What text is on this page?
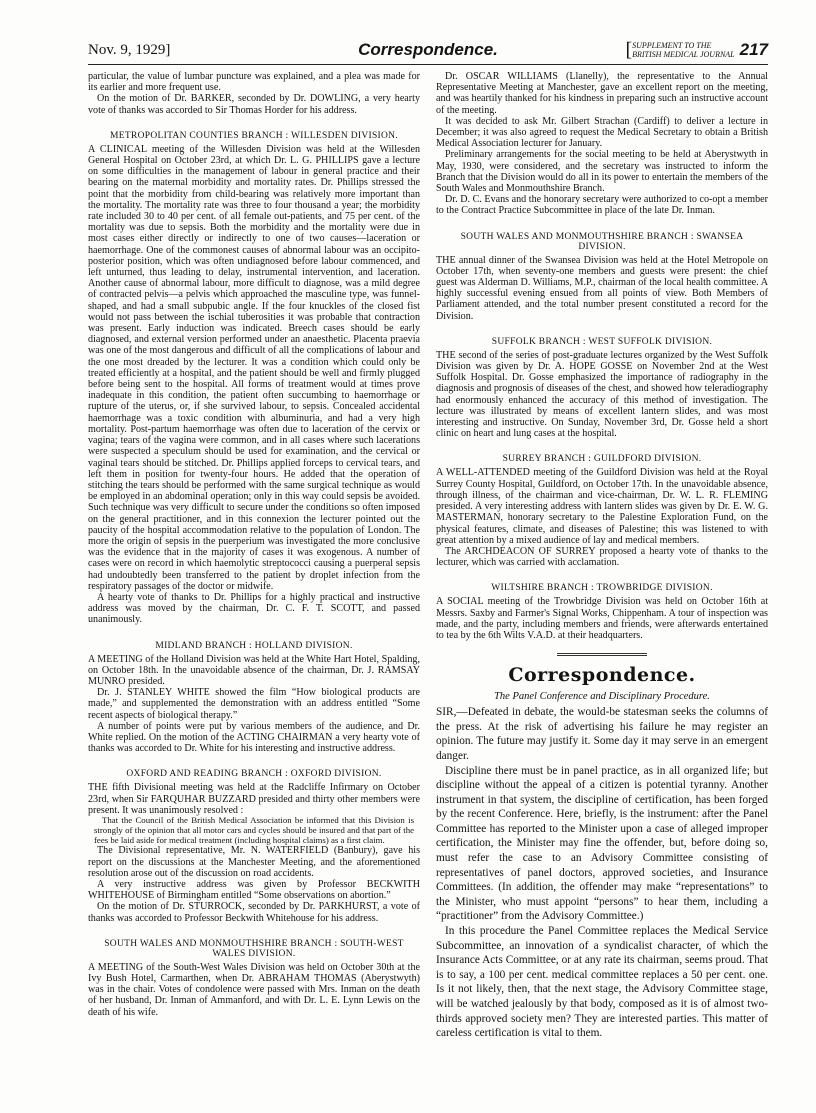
Nov. 9, 1929]	Correspondence.	[ SUPPLEMENT TO THE
BRITISH MEDICAL JOURNAL 217

particular, the value of lumbar puncture was explained, and a plea was made for its earlier and more frequent use.

On the motion of Dr. BARKER, seconded by Dr. DOWLING, a very hearty vote of thanks was accorded to Sir Thomas Horder for his address.

METROPOLITAN COUNTIES BRANCH : WILLESDEN DIVISION.

A CLINICAL meeting of the Willesden Division was held at the Willesden General Hospital on October 23rd, at which Dr. L. G. PHILLIPS gave a lecture on some difficulties in the management of labour in general practice and their bearing on the maternal morbidity and mortality rates. Dr. Phillips stressed the point that the morbidity from child-bearing was relatively more important than the mortality. The mortality rate was three to four thousand a year; the morbidity rate included 30 to 40 per cent. of all female out-patients, and 75 per cent. of the mortality was due to sepsis. Both the morbidity and the mortality were due in most cases either directly or indirectly to one of two causes—laceration or haemorrhage. One of the commonest causes of abnormal labour was an occipito-posterior position, which was often undiagnosed before labour commenced, and left unturned, thus leading to delay, instrumental intervention, and laceration. Another cause of abnormal labour, more difficult to diagnose, was a mild degree of contracted pelvis—a pelvis which approached the masculine type, was funnel-shaped, and had a small subpubic angle. If the four knuckles of the closed fist would not pass between the ischial tuberosities it was probable that contraction was present. Early induction was indicated. Breech cases should be early diagnosed, and external version performed under an anaesthetic. Placenta praevia was one of the most dangerous and difficult of all the complications of labour and the one most dreaded by the lecturer. It was a condition which could only be treated efficiently at a hospital, and the patient should be well and firmly plugged before being sent to the hospital. All forms of treatment would at times prove inadequate in this condition, the patient often succumbing to haemorrhage or rupture of the uterus, or, if she survived labour, to sepsis. Concealed accidental haemorrhage was a toxic condition with albuminuria, and had a very high mortality. Post-partum haemorrhage was often due to laceration of the cervix or vagina; tears of the vagina were common, and in all cases where such lacerations were suspected a speculum should be used for examination, and the cervical or vaginal tears should be stitched. Dr. Phillips applied forceps to cervical tears, and left them in position for twenty-four hours. He added that the operation of stitching the tears should be performed with the same surgical technique as would be employed in an abdominal operation; only in this way could sepsis be avoided. Such technique was very difficult to secure under the conditions so often imposed on the general practitioner, and in this connexion the lecturer pointed out the paucity of the hospital accommodation relative to the population of London. The more the origin of sepsis in the puerperium was investigated the more conclusive was the evidence that in the majority of cases it was exogenous. A number of cases were on record in which haemolytic streptococci causing a puerperal sepsis had undoubtedly been transferred to the patient by droplet infection from the respiratory passages of the doctor or midwife.

A hearty vote of thanks to Dr. Phillips for a highly practical and instructive address was moved by the chairman, Dr. C. F. T. SCOTT, and passed unanimously.

MIDLAND BRANCH : HOLLAND DIVISION.

A MEETING of the Holland Division was held at the White Hart Hotel, Spalding, on October 18th. In the unavoidable absence of the chairman, Dr. J. RAMSAY MUNRO presided.

Dr. J. STANLEY WHITE showed the film “How biological products are made,” and supplemented the demonstration with an address entitled “Some recent aspects of biological therapy.”

A number of points were put by various members of the audience, and Dr. White replied. On the motion of the ACTING CHAIRMAN a very hearty vote of thanks was accorded to Dr. White for his interesting and instructive address.

OXFORD AND READING BRANCH : OXFORD DIVISION.

THE fifth Divisional meeting was held at the Radcliffe Infirmary on October 23rd, when Sir FARQUHAR BUZZARD presided and thirty other members were present. It was unanimously resolved :

That the Council of the British Medical Association be informed that this Division is strongly of the opinion that all motor cars and cycles should be insured and that part of the fees be laid aside for medical treatment (including hospital claims) as a first claim.

The Divisional representative, Mr. N. WATERFIELD (Banbury), gave his report on the discussions at the Manchester Meeting, and the aforementioned resolution arose out of the discussion on road accidents.

A very instructive address was given by Professor BECKWITH WHITEHOUSE of Birmingham entitled “Some observations on abortion.”

On the motion of Dr. STURROCK, seconded by Dr. PARKHURST, a vote of thanks was accorded to Professor Beckwith Whitehouse for his address.

SOUTH WALES AND MONMOUTHSHIRE BRANCH : SOUTH-WEST WALES DIVISION.

A MEETING of the South-West Wales Division was held on October 30th at the Ivy Bush Hotel, Carmarthen, when Dr. ABRAHAM THOMAS (Aberystwyth) was in the chair. Votes of condolence were passed with Mrs. Inman on the death of her husband, Dr. Inman of Ammanford, and with Dr. L. E. Lynn Lewis on the death of his wife.

Dr. OSCAR WILLIAMS (Llanelly), the representative to the Annual Representative Meeting at Manchester, gave an excellent report on the meeting, and was heartily thanked for his kindness in preparing such an instructive account of the meeting.

It was decided to ask Mr. Gilbert Strachan (Cardiff) to deliver a lecture in December; it was also agreed to request the Medical Secretary to obtain a British Medical Association lecturer for January.

Preliminary arrangements for the social meeting to be held at Aberystwyth in May, 1930, were considered, and the secretary was instructed to inform the Branch that the Division would do all in its power to entertain the members of the South Wales and Monmouthshire Branch.

Dr. D. C. Evans and the honorary secretary were authorized to co-opt a member to the Contract Practice Subcommittee in place of the late Dr. Inman.

SOUTH WALES AND MONMOUTHSHIRE BRANCH : SWANSEA DIVISION.

THE annual dinner of the Swansea Division was held at the Hotel Metropole on October 17th, when seventy-one members and guests were present: the chief guest was Alderman D. Williams, M.P., chairman of the local health committee. A highly successful evening ensued from all points of view. Both Members of Parliament attended, and the total number present constituted a record for the Division.

SUFFOLK BRANCH : WEST SUFFOLK DIVISION.

THE second of the series of post-graduate lectures organized by the West Suffolk Division was given by Dr. A. HOPE GOSSE on November 2nd at the West Suffolk Hospital. Dr. Gosse emphasized the importance of radiography in the diagnosis and prognosis of diseases of the chest, and showed how teleradiography had enormously enhanced the accuracy of this method of investigation. The lecture was illustrated by means of excellent lantern slides, and was most interesting and instructive. On Sunday, November 3rd, Dr. Gosse held a short clinic on heart and lung cases at the hospital.

SURREY BRANCH : GUILDFORD DIVISION.

A WELL-ATTENDED meeting of the Guildford Division was held at the Royal Surrey County Hospital, Guildford, on October 17th. In the unavoidable absence, through illness, of the chairman and vice-chairman, Dr. W. L. R. FLEMING presided. A very interesting address with lantern slides was given by Dr. E. W. G. MASTERMAN, honorary secretary to the Palestine Exploration Fund, on the physical features, climate, and diseases of Palestine; this was listened to with great attention by a mixed audience of lay and medical members.

The ARCHDEACON OF SURREY proposed a hearty vote of thanks to the lecturer, which was carried with acclamation.

WILTSHIRE BRANCH : TROWBRIDGE DIVISION.

A SOCIAL meeting of the Trowbridge Division was held on October 16th at Messrs. Saxby and Farmer's Signal Works, Chippenham. A tour of inspection was made, and the party, including members and friends, were afterwards entertained to tea by the 6th Wilts V.A.D. at their headquarters.

Correspondence.
The Panel Conference and Disciplinary Procedure.

SIR,—Defeated in debate, the would-be statesman seeks the columns of the press. At the risk of advertising his failure he may register an opinion. The future may justify it. Some day it may serve in an emergent danger.

Discipline there must be in panel practice, as in all organized life; but discipline without the appeal of a citizen is potential tyranny. Another instrument in that system, the discipline of certification, has been forged by the recent Conference. Here, briefly, is the instrument: after the Panel Committee has reported to the Minister upon a case of alleged improper certification, the Minister may fine the offender, but, before doing so, must refer the case to an Advisory Committee consisting of representatives of panel doctors, approved societies, and Insurance Committees. (In addition, the offender may make “representations” to the Minister, who must appoint “persons” to hear them, including a “practitioner” from the Advisory Committee.)

In this procedure the Panel Committee replaces the Medical Service Subcommittee, an innovation of a syndicalist character, of which the Insurance Acts Committee, or at any rate its chairman, seems proud. That is to say, a 100 per cent. medical committee replaces a 50 per cent. one. Is it not likely, then, that the next stage, the Advisory Committee stage, will be watched jealously by that body, composed as it is of almost two-thirds approved society men? They are interested parties. This matter of careless certification is vital to them.
